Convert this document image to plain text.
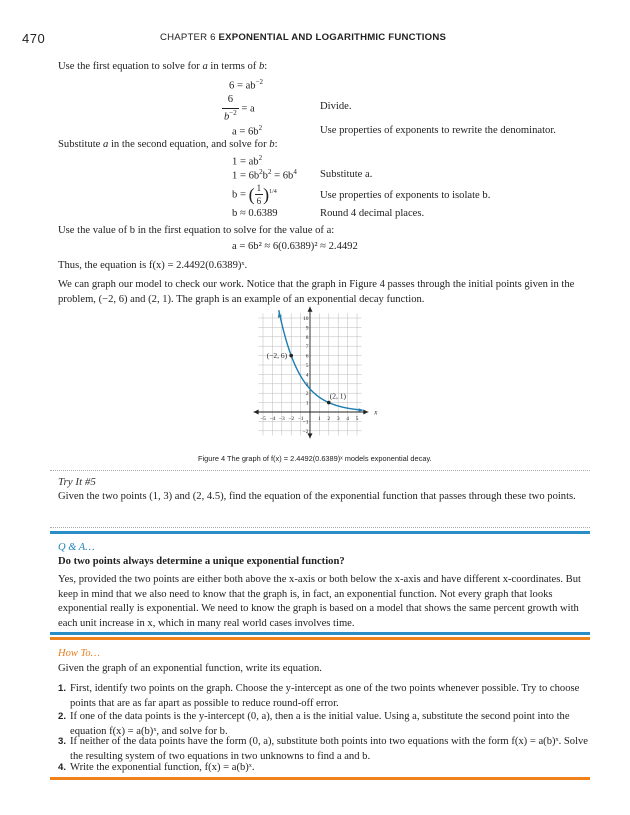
470	CHAPTER 6 EXPONENTIAL AND LOGARITHMIC FUNCTIONS
Use the first equation to solve for a in terms of b:
$6 = ab^{-2}$
$\frac{6}{b^{-2}} = a$	Divide.
$a = 6b^2$	Use properties of exponents to rewrite the denominator.
Substitute a in the second equation, and solve for b:
$1 = ab^2$
$1 = 6b^2b^2 = 6b^4$ Substitute a.
b = ( $\frac{1}{6} )^{1/4}$	Use properties of exponents to isolate b.
b ≈ 0.6389	Round 4 decimal places.
Use the value of b in the first equation to solve for the value of a:
a = 6b² ≈ 6(0.6389)² ≈ 2.4492
Thus, the equation is f(x) = 2.4492(0.6389)ˣ.
We can graph our model to check our work. Notice that the graph in Figure 4 passes through the initial points given in the problem, (−2, 6) and (2, 1). The graph is an example of an exponential decay function.
−5 −4 −3 −2 −1	1 2 3 4 5
10
9
8
7
6
5
4
3
2
1
−1
−2
x
(−2, 6)
(2, 1)
Figure 4 The graph of f(x) = 2.4492(0.6389)ˣ models exponential decay.
Try It #5
Given the two points (1, 3) and (2, 4.5), find the equation of the exponential function that passes through these two points.
Q & A…
Do two points always determine a unique exponential function?
Yes, provided the two points are either both above the x-axis or both below the x-axis and have different x-coordinates. But keep in mind that we also need to know that the graph is, in fact, an exponential function. Not every graph that looks exponential really is exponential. We need to know the graph is based on a model that shows the same percent growth with each unit increase in x, which in many real world cases involves time.
How To…
Given the graph of an exponential function, write its equation.
1. First, identify two points on the graph. Choose the y-intercept as one of the two points whenever possible. Try to choose points that are as far apart as possible to reduce round-off error.
2. If one of the data points is the y-intercept (0, a), then a is the initial value. Using a, substitute the second point into the equation f(x) = a(b)ˣ, and solve for b.
3. If neither of the data points have the form (0, a), substitute both points into two equations with the form f(x) = a(b)ˣ. Solve the resulting system of two equations in two unknowns to find a and b.
4. Write the exponential function, f(x) = a(b)ˣ.
